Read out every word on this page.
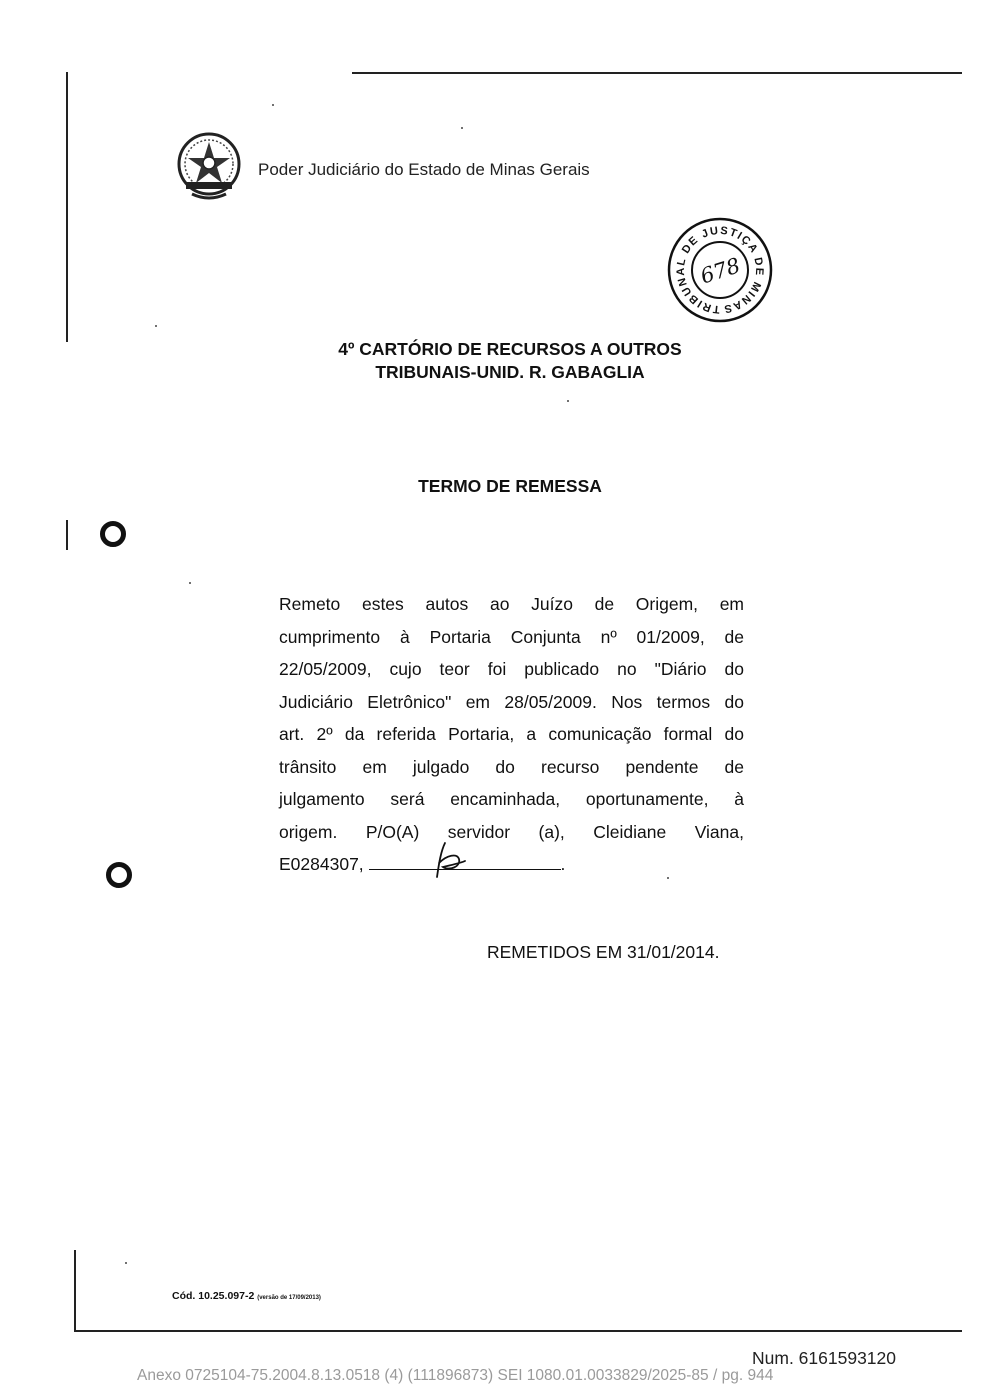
Poder Judiciário do Estado de Minas Gerais
TRIBUNAL DE JUSTIÇA DE MINAS
678
4º CARTÓRIO DE RECURSOS A OUTROS
TRIBUNAIS-UNID. R. GABAGLIA
TERMO DE REMESSA
Remeto estes autos ao Juízo de Origem, em
cumprimento à Portaria Conjunta nº 01/2009, de
22/05/2009, cujo teor foi publicado no "Diário do
Judiciário Eletrônico" em 28/05/2009. Nos termos do
art. 2º da referida Portaria, a comunicação formal do
trânsito em julgado do recurso pendente de
julgamento será encaminhada, oportunamente, à
origem. P/O(A) servidor (a), Cleidiane Viana,
E0284307,	.
REMETIDOS EM 31/01/2014.
Cód. 10.25.097-2 (versão de 17/09/2013)
Num. 6161593120
Anexo 0725104-75.2004.8.13.0518 (4) (111896873) SEI 1080.01.0033829/2025-85 / pg. 944
